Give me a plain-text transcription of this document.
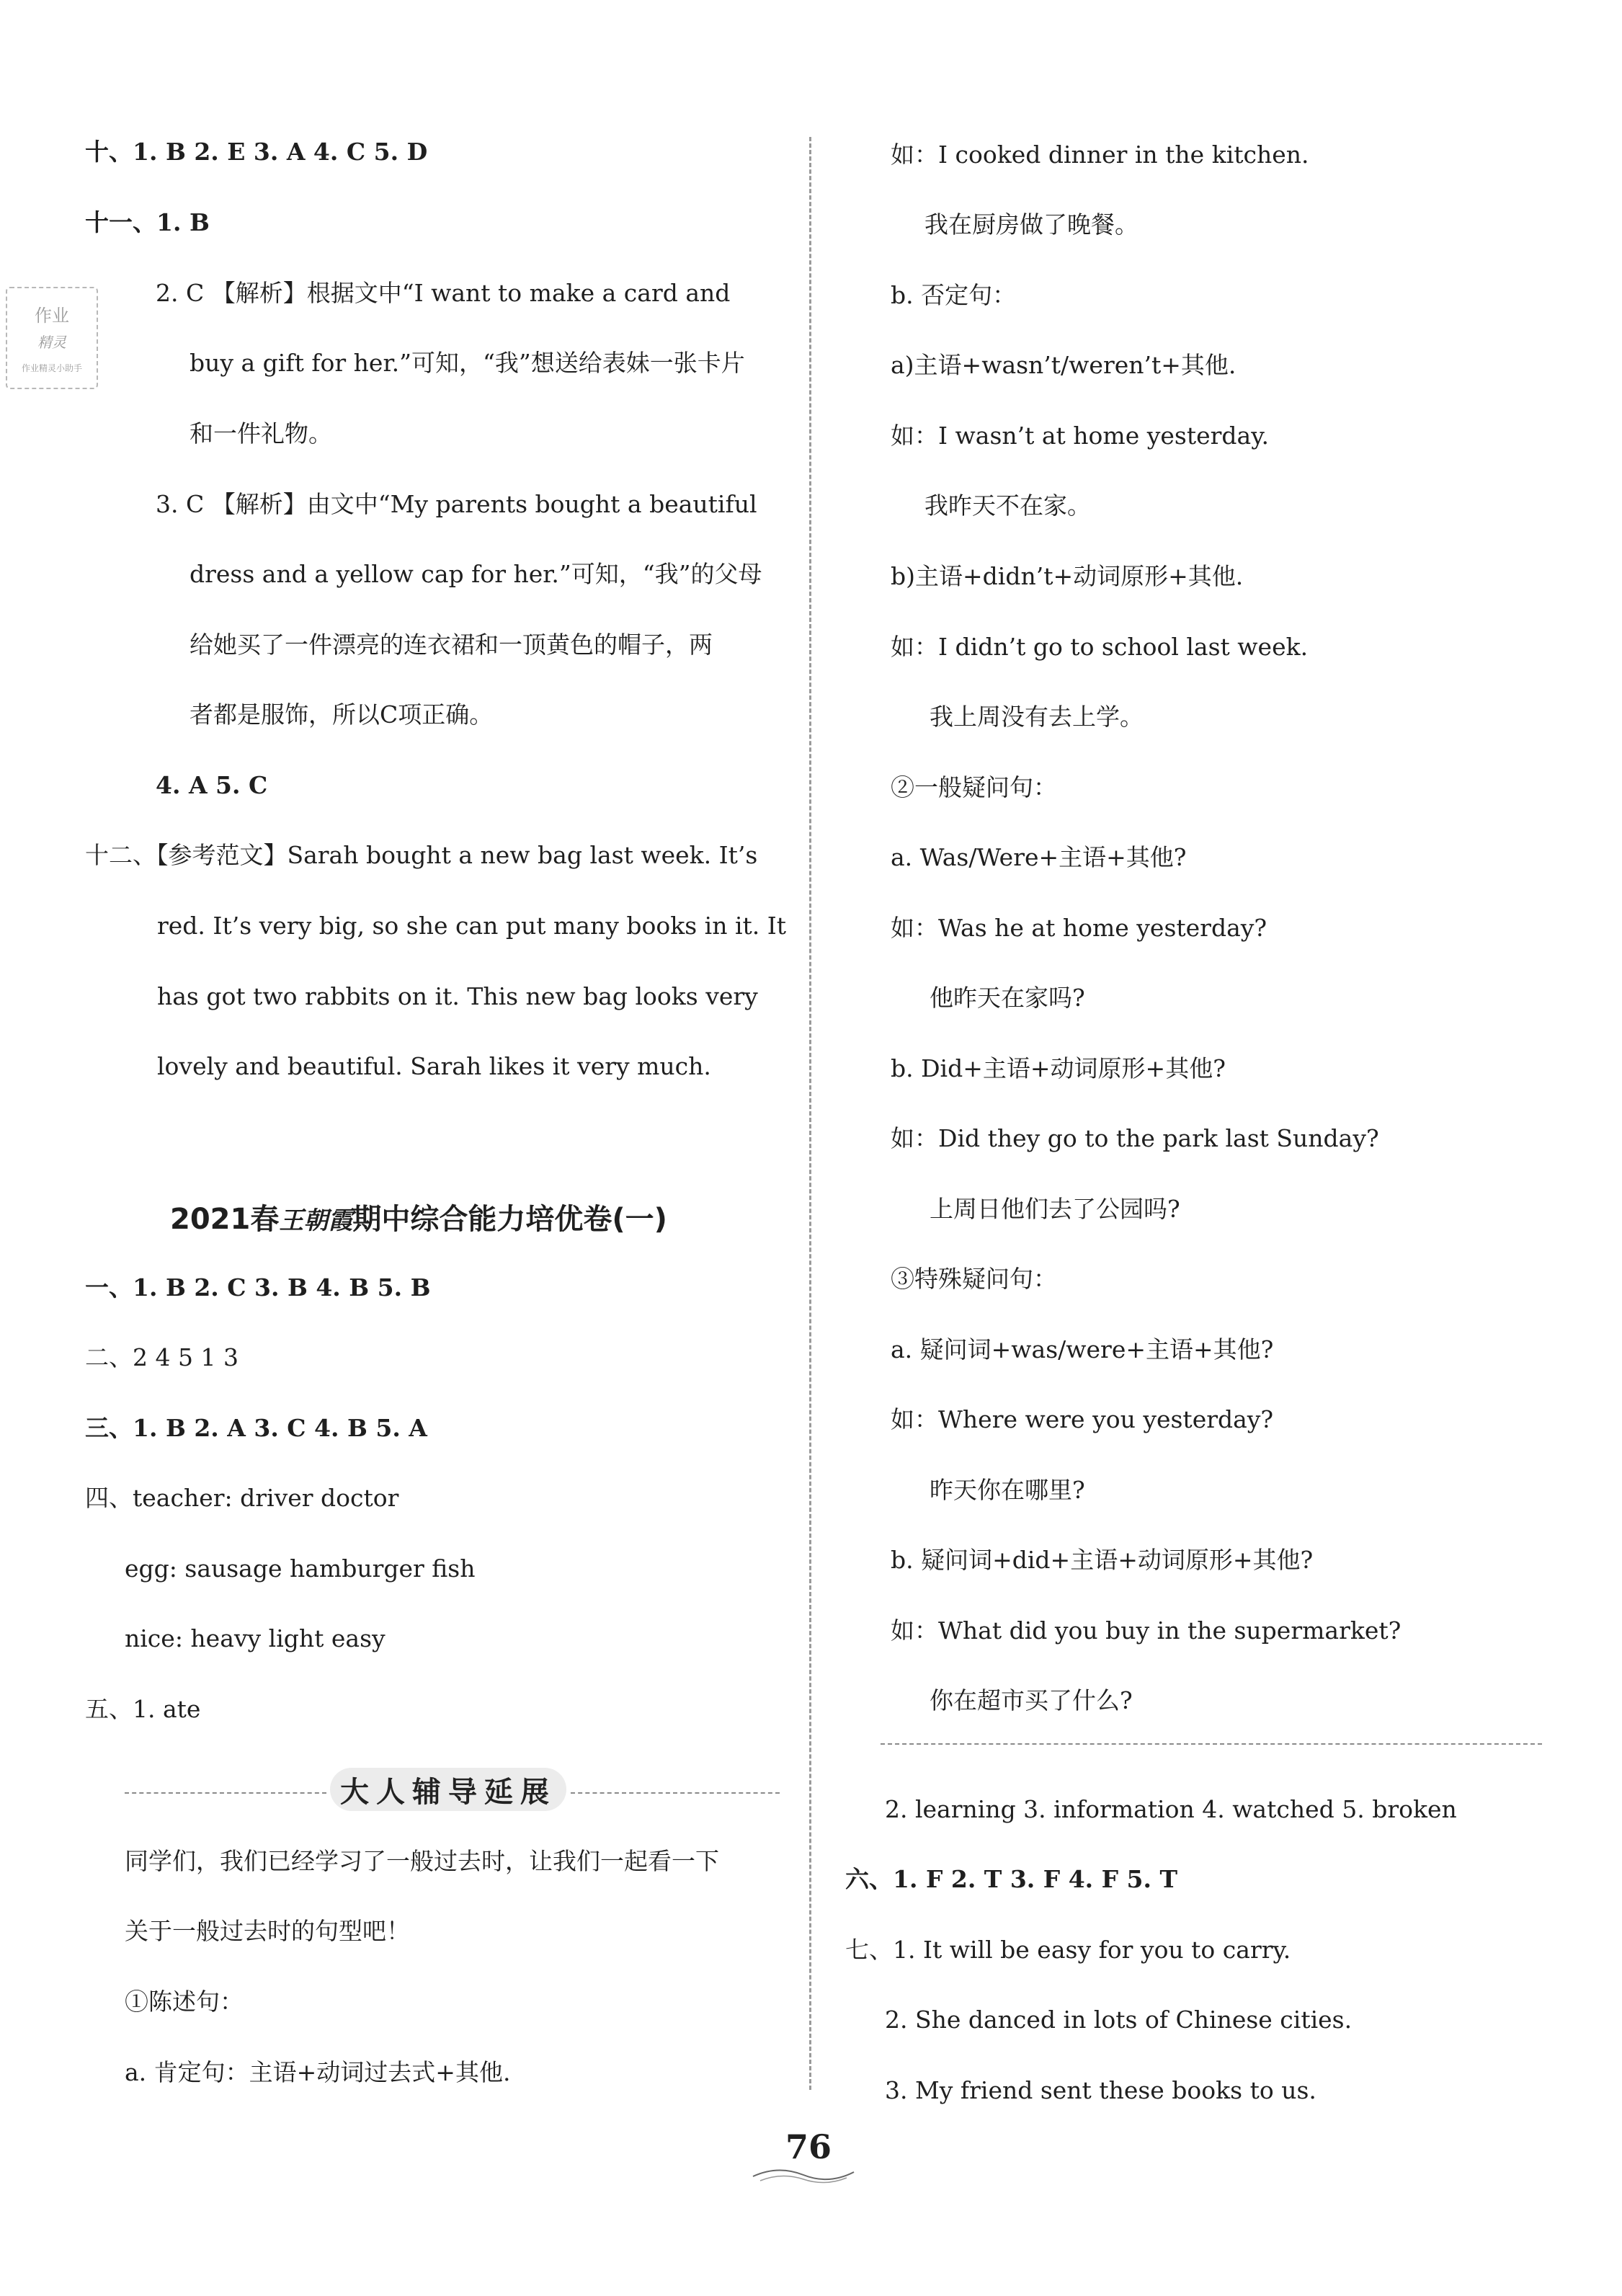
十、1. B 2. E 3. A 4. C 5. D
十一、1. B
2. C 【解析】根据文中“I want to make a card and
buy a gift for her.”可知，“我”想送给表妹一张卡片
和一件礼物。
3. C 【解析】由文中“My parents bought a beautiful
dress and a yellow cap for her.”可知，“我”的父母
给她买了一件漂亮的连衣裙和一顶黄色的帽子，两
者都是服饰，所以C项正确。
4. A 5. C
十二、【参考范文】Sarah bought a new bag last week. It’s
red. It’s very big, so she can put many books in it. It
has got two rabbits on it. This new bag looks very
lovely and beautiful. Sarah likes it very much.
一、1. B 2. C 3. B 4. B 5. B
二、2 4 5 1 3
三、1. B 2. A 3. C 4. B 5. A
四、teacher: driver doctor
egg: sausage hamburger fish
nice: heavy light easy
五、1. ate
同学们，我们已经学习了一般过去时，让我们一起看一下
关于一般过去时的句型吧！
①陈述句：
a. 肯定句：主语+动词过去式+其他.
如：I cooked dinner in the kitchen.
我在厨房做了晚餐。
b. 否定句：
a)主语+wasn’t/weren’t+其他.
如：I wasn’t at home yesterday.
我昨天不在家。
b)主语+didn’t+动词原形+其他.
如：I didn’t go to school last week.
我上周没有去上学。
②一般疑问句：
a. Was/Were+主语+其他?
如：Was he at home yesterday?
他昨天在家吗?
b. Did+主语+动词原形+其他?
如：Did they go to the park last Sunday?
上周日他们去了公园吗?
③特殊疑问句：
a. 疑问词+was/were+主语+其他?
如：Where were you yesterday?
昨天你在哪里?
b. 疑问词+did+主语+动词原形+其他?
如：What did you buy in the supermarket?
你在超市买了什么?
2. learning 3. information 4. watched 5. broken
六、1. F 2. T 3. F 4. F 5. T
七、1. It will be easy for you to carry.
2. She danced in lots of Chinese cities.
3. My friend sent these books to us.
作业
精灵
作业精灵小助手
2021春王朝霞期中综合能力培优卷(一)
大人辅导延展
76
